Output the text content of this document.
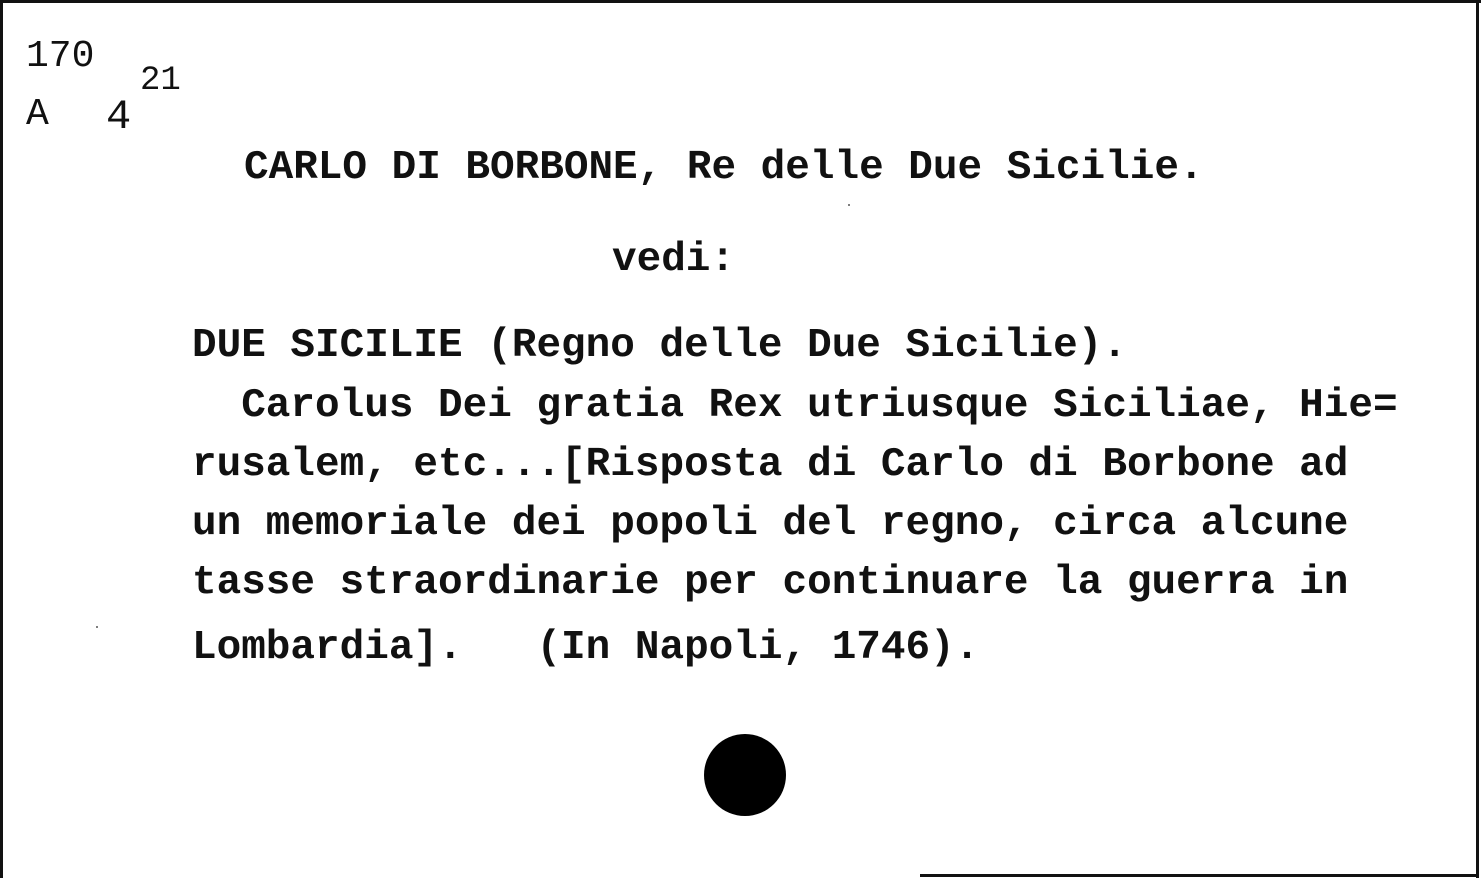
170
A 4
21
CARLO DI BORBONE, Re delle Due Sicilie.
vedi:
DUE SICILIE (Regno delle Due Sicilie).
Carolus Dei gratia Rex utriusque Siciliae, Hie=
rusalem, etc...[Risposta di Carlo di Borbone ad
un memoriale dei popoli del regno, circa alcune
tasse straordinarie per continuare la guerra in
Lombardia].   (In Napoli, 1746).
